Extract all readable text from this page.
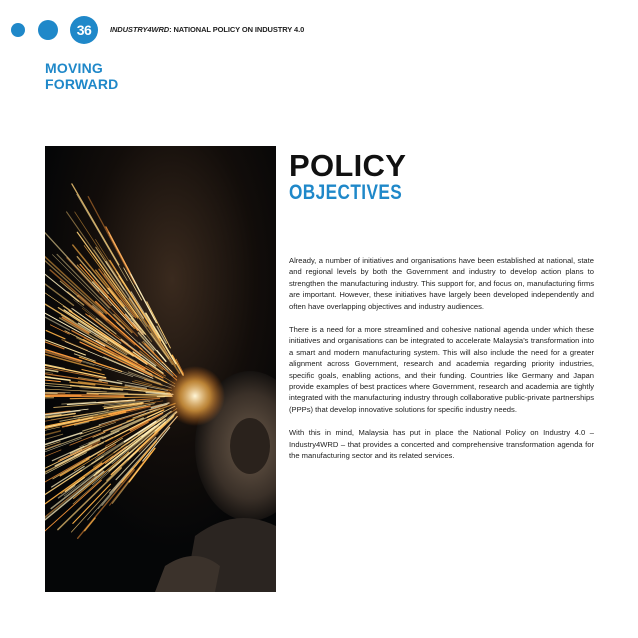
36	INDUSTRY4WRD: NATIONAL POLICY ON INDUSTRY 4.0
MOVING
FORWARD
POLICY
OBJECTIVES

Already, a number of initiatives and organisations have been established at national, state and regional levels by both the Government and industry to develop action plans to strengthen the manufacturing industry. This support for, and focus on, manufacturing firms are important. However, these initiatives have largely been developed independently and often have overlapping objectives and industry audiences.

There is a need for a more streamlined and cohesive national agenda under which these initiatives and organisations can be integrated to accelerate Malaysia’s transformation into a smart and modern manufacturing system. This will also include the need for a greater alignment across Government, research and academia regarding priority industries, specific goals, enabling actions, and their funding. Countries like Germany and Japan provide examples of best practices where Government, research and academia are tightly integrated with the manufacturing industry through collaborative public-private partnerships (PPPs) that develop innovative solutions for specific industry needs.

With this in mind, Malaysia has put in place the National Policy on Industry 4.0 – Industry4WRD – that provides a concerted and comprehensive transformation agenda for the manufacturing sector and its related services.
